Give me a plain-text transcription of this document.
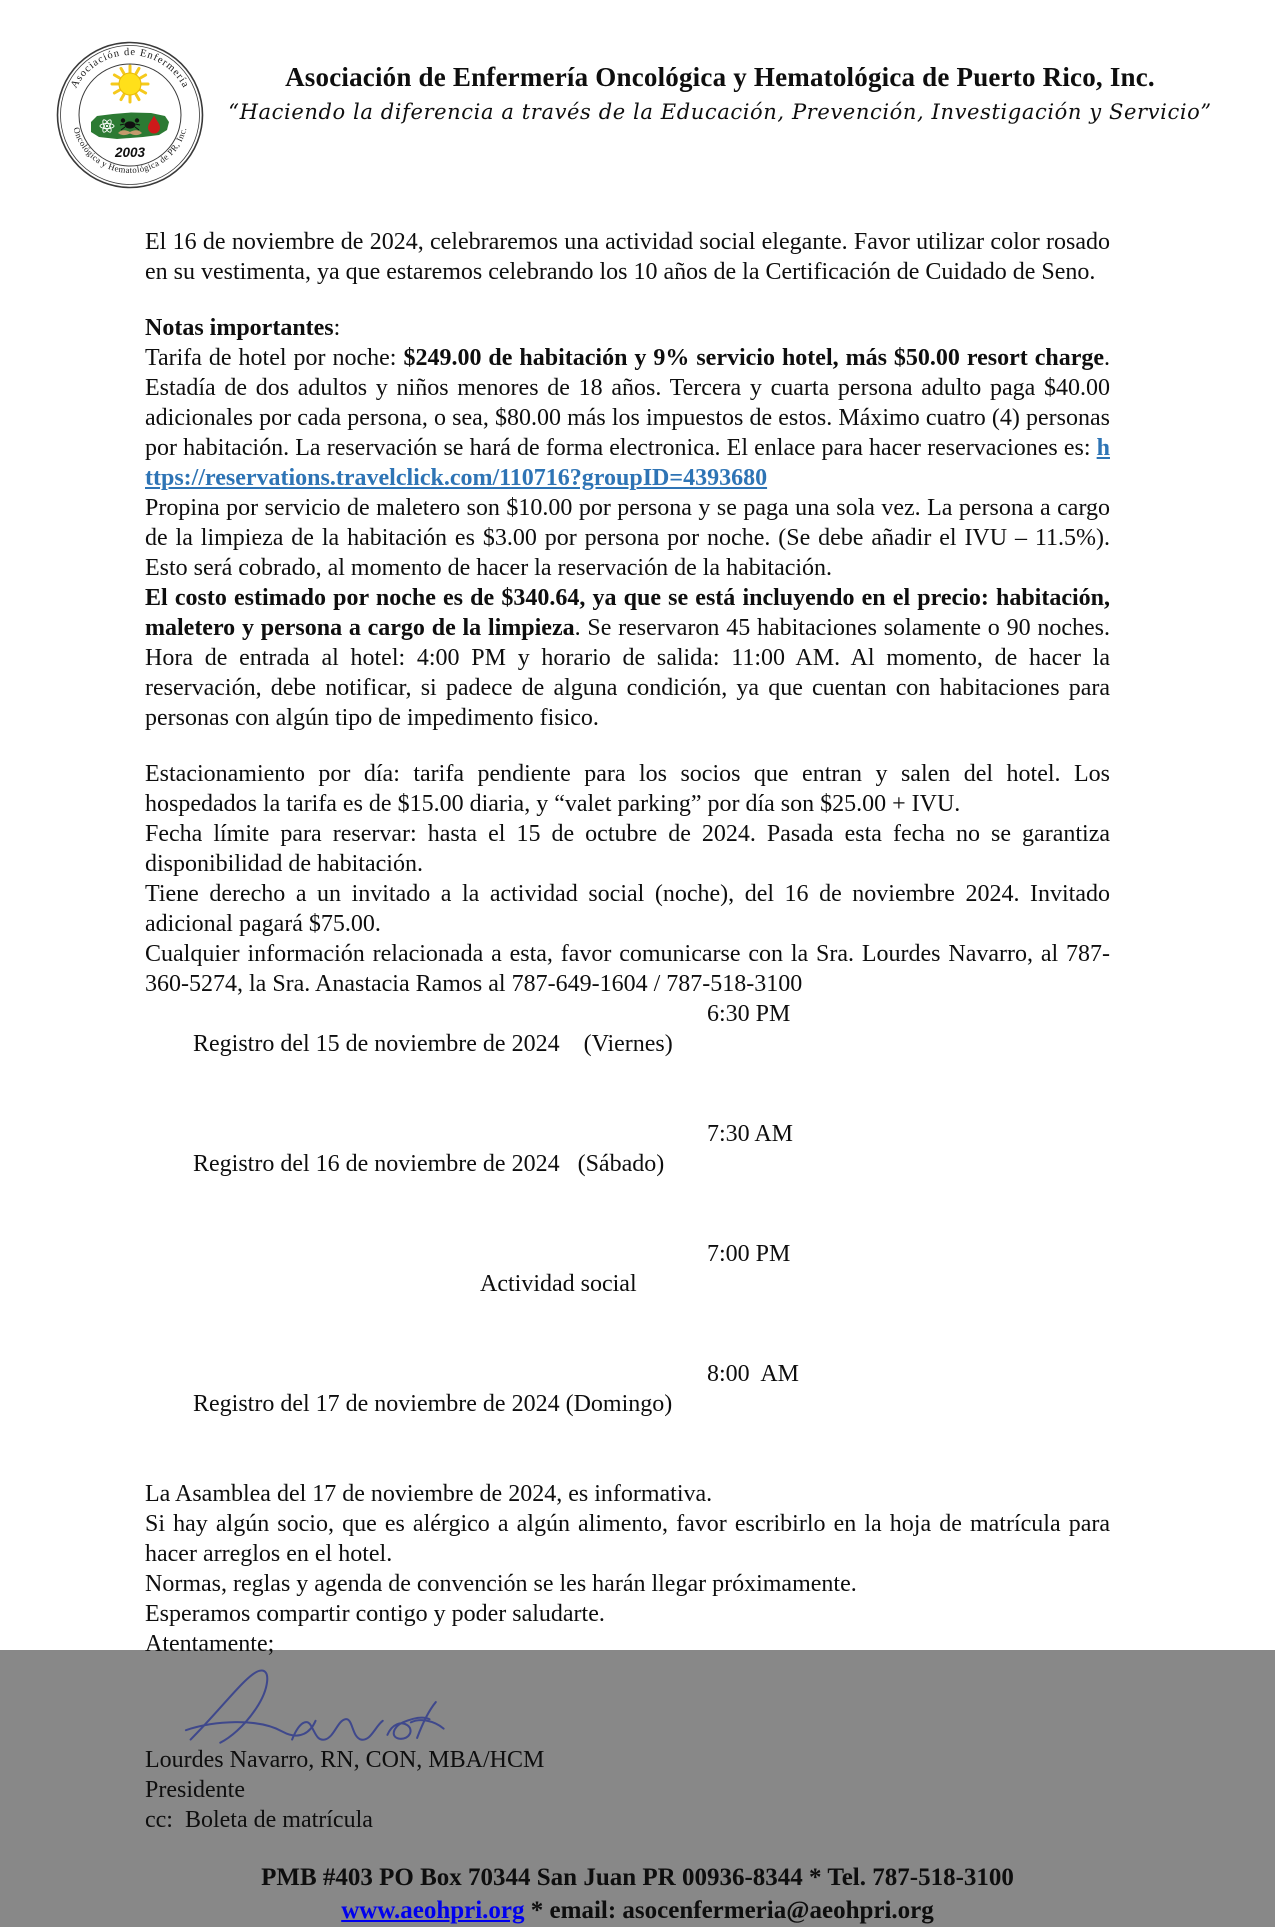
Asociación de Enfermería
Oncológica y Hematológica de PR, Inc.
2003
Asociación de Enfermería Oncológica y Hematológica de Puerto Rico, Inc.
“Haciendo la diferencia a través de la Educación, Prevención, Investigación y Servicio”

El 16 de noviembre de 2024, celebraremos una actividad social elegante. Favor utilizar color rosado en su vestimenta, ya que estaremos celebrando los 10 años de la Certificación de Cuidado de Seno.

Notas importantes:

Tarifa de hotel por noche: $249.00 de habitación y 9% servicio hotel, más $50.00 resort charge. Estadía de dos adultos y niños menores de 18 años. Tercera y cuarta persona adulto paga $40.00 adicionales por cada persona, o sea, $80.00 más los impuestos de estos. Máximo cuatro (4) personas por habitación. La reservación se hará de forma electronica. El enlace para hacer reservaciones es: https://reservations.travelclick.com/110716?groupID=4393680

Propina por servicio de maletero son $10.00 por persona y se paga una sola vez. La persona a cargo de la limpieza de la habitación es $3.00 por persona por noche. (Se debe añadir el IVU – 11.5%). Esto será cobrado, al momento de hacer la reservación de la habitación.

El costo estimado por noche es de $340.64, ya que se está incluyendo en el precio: habitación, maletero y persona a cargo de la limpieza. Se reservaron 45 habitaciones solamente o 90 noches. Hora de entrada al hotel: 4:00 PM y horario de salida: 11:00 AM. Al momento, de hacer la reservación, debe notificar, si padece de alguna condición, ya que cuentan con habitaciones para personas con algún tipo de impedimento fisico.

Estacionamiento por día: tarifa pendiente para los socios que entran y salen del hotel. Los hospedados la tarifa es de $15.00 diaria, y “valet parking” por día son $25.00 + IVU.

Fecha límite para reservar: hasta el 15 de octubre de 2024. Pasada esta fecha no se garantiza disponibilidad de habitación.

Tiene derecho a un invitado a la actividad social (noche), del 16 de noviembre 2024. Invitado adicional pagará $75.00.

Cualquier información relacionada a esta, favor comunicarse con la Sra. Lourdes Navarro, al 787-360-5274, la Sra. Anastacia Ramos al 787-649-1604 / 787-518-3100

Registro del 15 de noviembre de 2024    (Viernes)

6:30 PM

Registro del 16 de noviembre de 2024   (Sábado)

7:30 AM

Actividad social

7:00 PM

Registro del 17 de noviembre de 2024 (Domingo)

8:00  AM

La Asamblea del 17 de noviembre de 2024, es informativa.

Si hay algún socio, que es alérgico a algún alimento, favor escribirlo en la hoja de matrícula para hacer arreglos en el hotel.

Normas, reglas y agenda de convención se les harán llegar próximamente.

Esperamos compartir contigo y poder saludarte.

Atentamente;

Lourdes Navarro, RN, CON, MBA/HCM

Presidente

cc:  Boleta de matrícula

PMB #403 PO Box 70344 San Juan PR 00936-8344 * Tel. 787-518-3100
www.aeohpri.org * email: asocenfermeria@aeohpri.org
